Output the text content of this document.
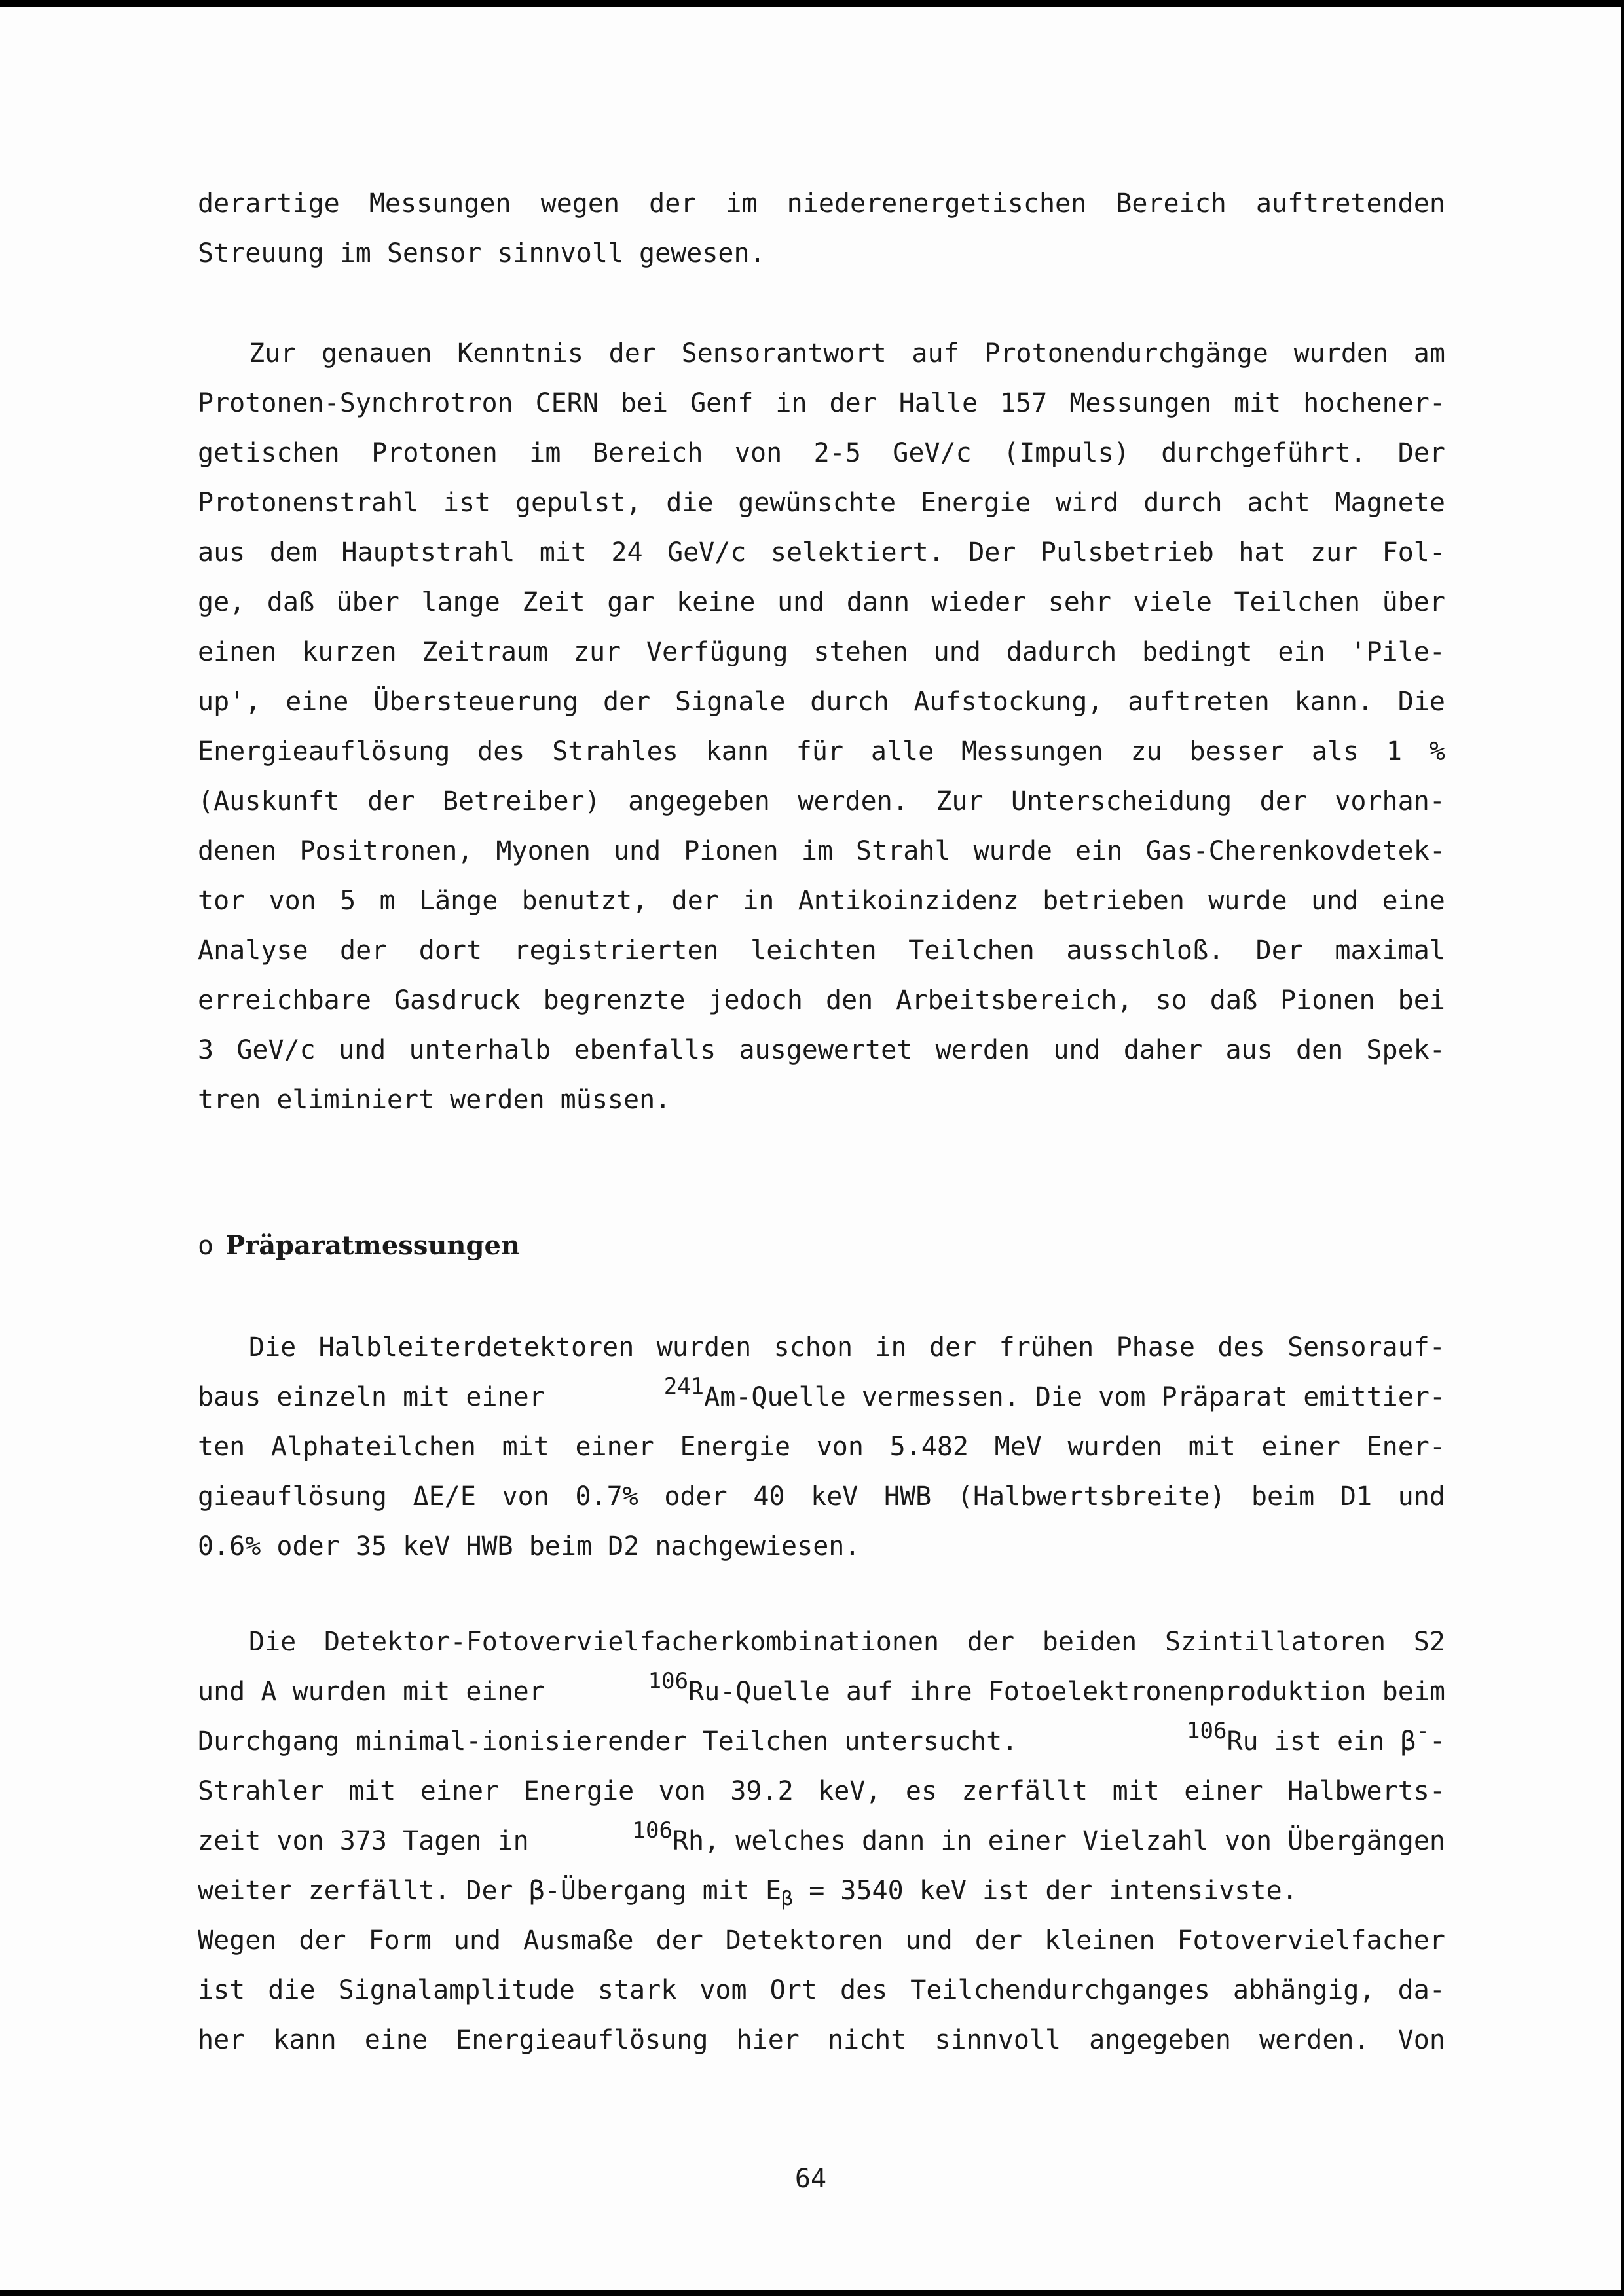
derartige Messungen wegen der im niederenergetischen Bereich auftretenden
Streuung im Sensor sinnvoll gewesen.
Zur genauen Kenntnis der Sensorantwort auf Protonendurchgänge wurden am
Protonen-Synchrotron CERN bei Genf in der Halle 157 Messungen mit hochener-
getischen Protonen im Bereich von 2-5 GeV/c (Impuls) durchgeführt. Der
Protonenstrahl ist gepulst, die gewünschte Energie wird durch acht Magnete
aus dem Hauptstrahl mit 24 GeV/c selektiert. Der Pulsbetrieb hat zur Fol-
ge, daß über lange Zeit gar keine und dann wieder sehr viele Teilchen über
einen kurzen Zeitraum zur Verfügung stehen und dadurch bedingt ein 'Pile-
up', eine Übersteuerung der Signale durch Aufstockung, auftreten kann. Die
Energieauflösung des Strahles kann für alle Messungen zu besser als 1 %
(Auskunft der Betreiber) angegeben werden. Zur Unterscheidung der vorhan-
denen Positronen, Myonen und Pionen im Strahl wurde ein Gas-Cherenkovdetek-
tor von 5 m Länge benutzt, der in Antikoinzidenz betrieben wurde und eine
Analyse der dort registrierten leichten Teilchen ausschloß. Der maximal
erreichbare Gasdruck begrenzte jedoch den Arbeitsbereich, so daß Pionen bei
3 GeV/c und unterhalb ebenfalls ausgewertet werden und daher aus den Spek-
tren eliminiert werden müssen.

o Präparatmessungen

Die Halbleiterdetektoren wurden schon in der frühen Phase des Sensorauf-
baus einzeln mit einer	$^{241}$Am-Quelle vermessen. Die vom Präparat emittier-
ten Alphateilchen mit einer Energie von 5.482 MeV wurden mit einer Ener-
gieauflösung ΔE/E von 0.7% oder 40 keV HWB (Halbwertsbreite) beim D1 und
0.6% oder 35 keV HWB beim D2 nachgewiesen.
Die Detektor-Fotovervielfacherkombinationen der beiden Szintillatoren S2
und A wurden mit einer	$^{106}$Ru-Quelle auf ihre Fotoelektronenproduktion beim
Durchgang minimal-ionisierender Teilchen untersucht.	$^{106}$Ru ist ein β--
Strahler mit einer Energie von 39.2 keV, es zerfällt mit einer Halbwerts-
zeit von 373 Tagen in	$^{106}$Rh, welches dann in einer Vielzahl von Übergängen
weiter zerfällt. Der β-Übergang mit $E_\beta = 3540$ keV ist der intensivste.
Wegen der Form und Ausmaße der Detektoren und der kleinen Fotovervielfacher
ist die Signalamplitude stark vom Ort des Teilchendurchganges abhängig, da-
her kann eine Energieauflösung hier nicht sinnvoll angegeben werden. Von

64
